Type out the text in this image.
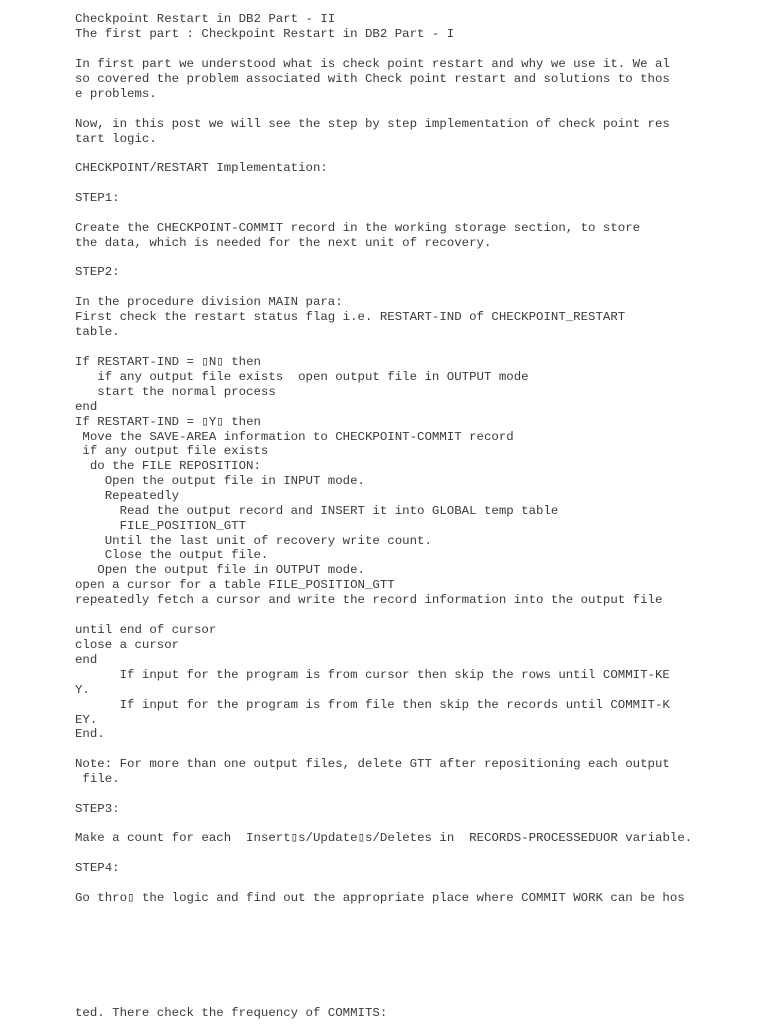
Checkpoint Restart in DB2 Part - II

The first part : Checkpoint Restart in DB2 Part - I

In first part we understood what is check point restart and why we use it. We al

so covered the problem associated with Check point restart and solutions to thos

e problems.

Now, in this post we will see the step by step implementation of check point res

tart logic.

CHECKPOINT/RESTART Implementation:

STEP1:

Create the CHECKPOINT-COMMIT record in the working storage section, to store

the data, which is needed for the next unit of recovery.

STEP2:

In the procedure division MAIN para:

First check the restart status flag i.e. RESTART-IND of CHECKPOINT_RESTART

table.

If RESTART-IND = ▯N▯ then

if any output file exists  open output file in OUTPUT mode

start the normal process

end

If RESTART-IND = ▯Y▯ then

Move the SAVE-AREA information to CHECKPOINT-COMMIT record

if any output file exists

do the FILE REPOSITION:

Open the output file in INPUT mode.

Repeatedly

Read the output record and INSERT it into GLOBAL temp table

FILE_POSITION_GTT

Until the last unit of recovery write count.

Close the output file.

Open the output file in OUTPUT mode.

open a cursor for a table FILE_POSITION_GTT

repeatedly fetch a cursor and write the record information into the output file

until end of cursor

close a cursor

end

If input for the program is from cursor then skip the rows until COMMIT-KE

Y.

If input for the program is from file then skip the records until COMMIT-K

EY.

End.

Note: For more than one output files, delete GTT after repositioning each output

file.

STEP3:

Make a count for each  Insert▯s/Update▯s/Deletes in  RECORDS-PROCESSEDUOR variable.

STEP4:

Go thro▯ the logic and find out the appropriate place where COMMIT WORK can be hos

ted. There check the frequency of COMMITS:
